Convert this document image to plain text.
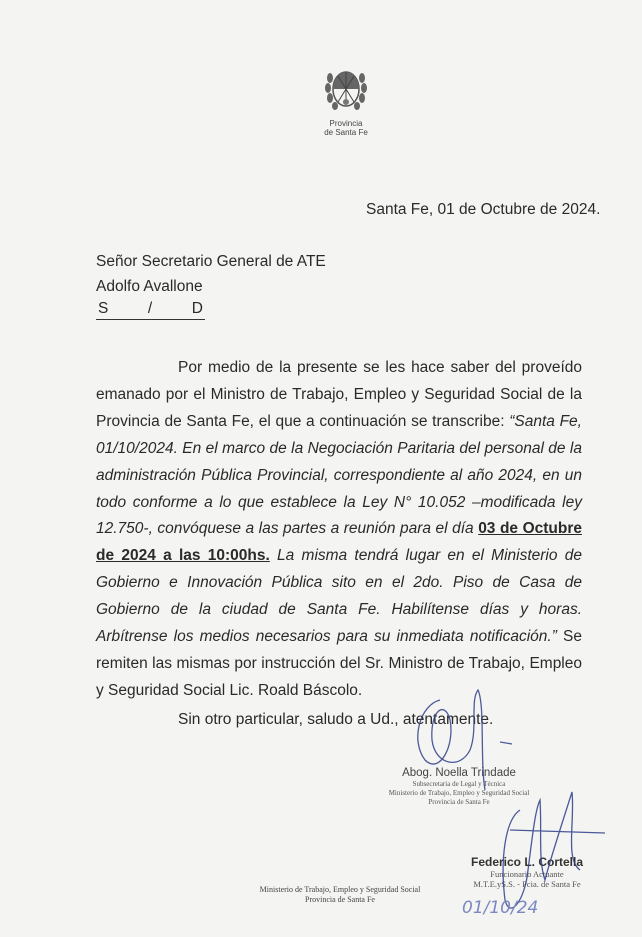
Provincia
de Santa Fe
Santa Fe, 01 de Octubre de 2024.
Señor Secretario General de ATE
Adolfo Avallone
S	/	D
Por medio de la presente se les hace saber del proveído emanado por el Ministro de Trabajo, Empleo y Seguridad Social de la Provincia de Santa Fe, el que a continuación se transcribe: “Santa Fe, 01/10/2024. En el marco de la Negociación Paritaria del personal de la administración Pública Provincial, correspondiente al año 2024, en un todo conforme a lo que establece la Ley N° 10.052 –modificada ley 12.750-, convóquese a las partes a reunión para el día 03 de Octubre de 2024 a las 10:00hs. La misma tendrá lugar en el Ministerio de Gobierno e Innovación Pública sito en el 2do. Piso de Casa de Gobierno de la ciudad de Santa Fe. Habilítense días y horas. Arbítrense los medios necesarios para su inmediata notificación.” Se remiten las mismas por instrucción del Sr. Ministro de Trabajo, Empleo y Seguridad Social Lic. Roald Báscolo.
Sin otro particular, saludo a Ud., atentamente.
Abog. Noella Trindade
Subsecretaria de Legal y Técnica
Ministerio de Trabajo, Empleo y Seguridad Social
Provincia de Santa Fe
Federico L. Cortella
Funcionario Actuante
M.T.E.yS.S. - Pcia. de Santa Fe
01/10/24
Ministerio de Trabajo, Empleo y Seguridad Social
Provincia de Santa Fe
